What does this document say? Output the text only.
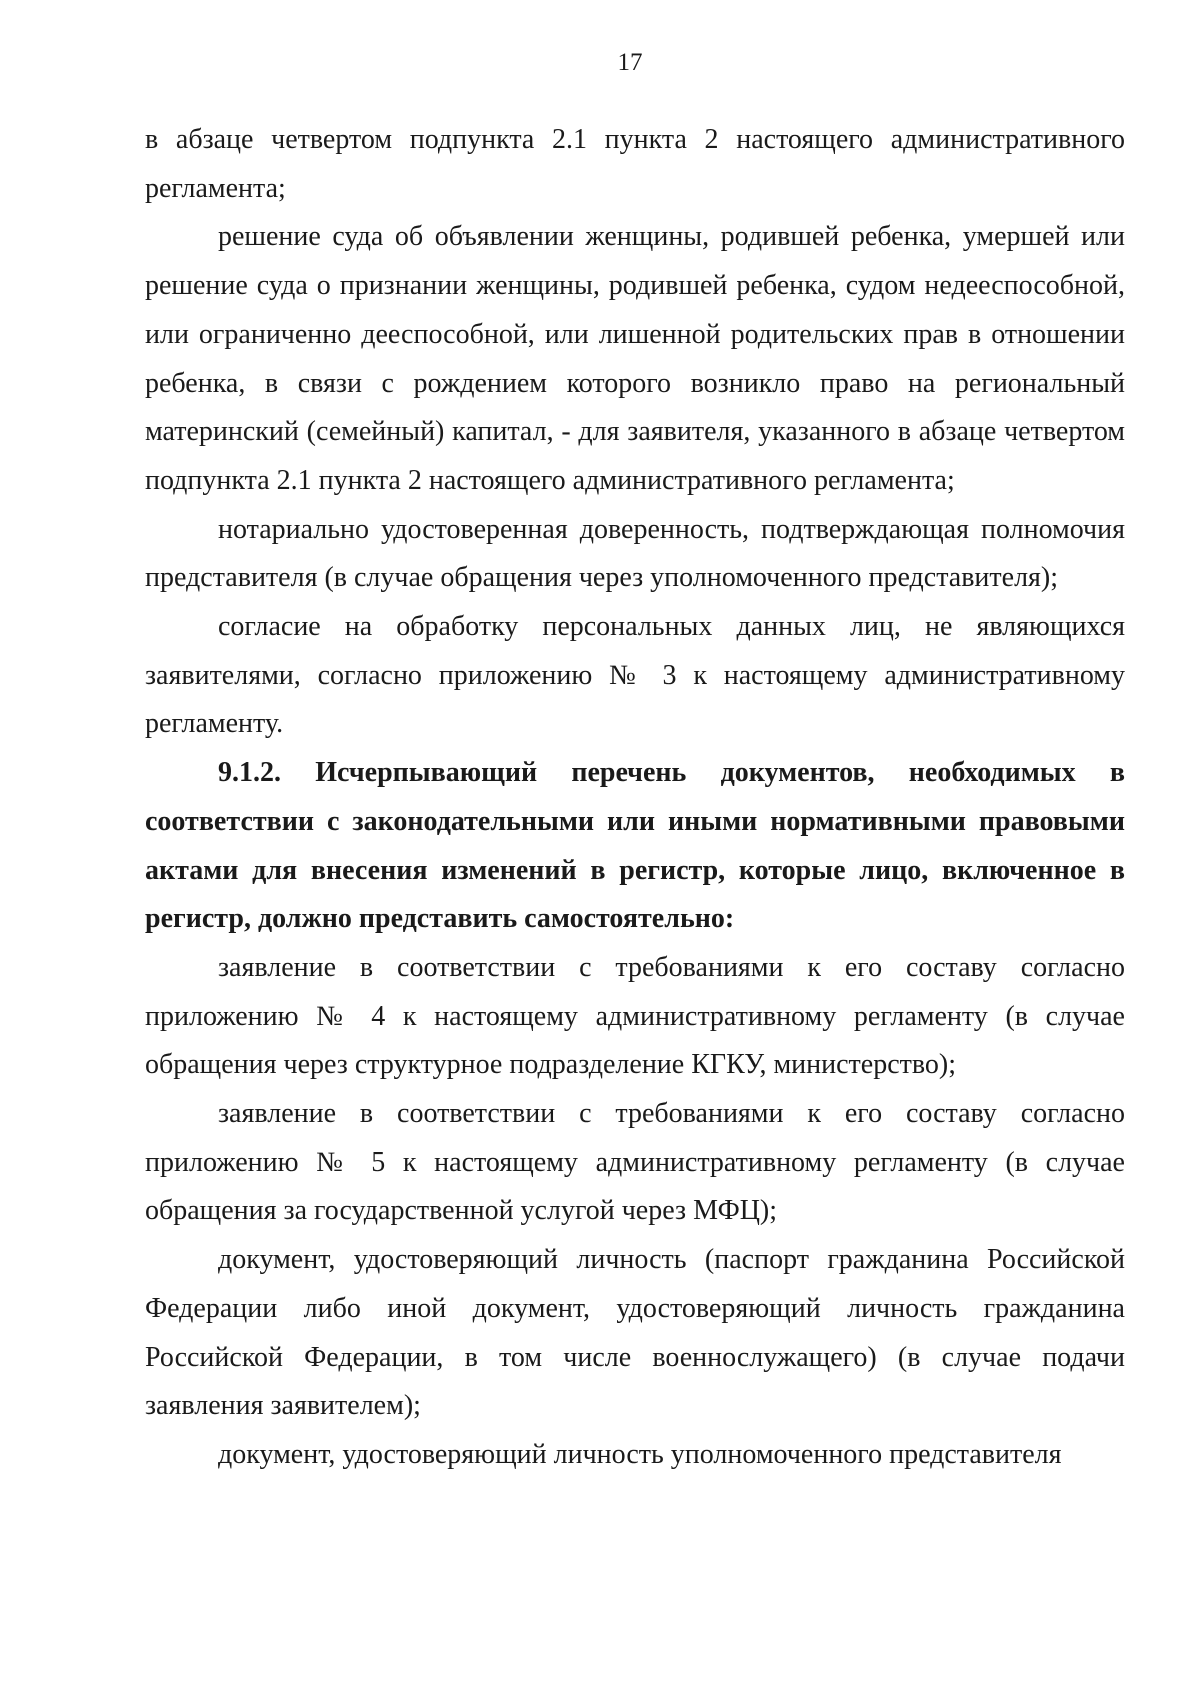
17

в абзаце четвертом подпункта 2.1 пункта 2 настоящего административного регламента;

решение суда об объявлении женщины, родившей ребенка, умершей или решение суда о признании женщины, родившей ребенка, судом недееспособной, или ограниченно дееспособной, или лишенной родительских прав в отношении ребенка, в связи с рождением которого возникло право на региональный материнский (семейный) капитал, - для заявителя, указанного в абзаце четвертом подпункта 2.1 пункта 2 настоящего административного регламента;

нотариально удостоверенная доверенность, подтверждающая полномочия представителя (в случае обращения через уполномоченного представителя);

согласие на обработку персональных данных лиц, не являющихся заявителями, согласно приложению № 3 к настоящему административному регламенту.

9.1.2. Исчерпывающий перечень документов, необходимых в соответствии с законодательными или иными нормативными правовыми актами для внесения изменений в регистр, которые лицо, включенное в регистр, должно представить самостоятельно:

заявление в соответствии с требованиями к его составу согласно приложению № 4 к настоящему административному регламенту (в случае обращения через структурное подразделение КГКУ, министерство);

заявление в соответствии с требованиями к его составу согласно приложению № 5 к настоящему административному регламенту (в случае обращения за государственной услугой через МФЦ);

документ, удостоверяющий личность (паспорт гражданина Российской Федерации либо иной документ, удостоверяющий личность гражданина Российской Федерации, в том числе военнослужащего) (в случае подачи заявления заявителем);

документ, удостоверяющий личность уполномоченного представителя
